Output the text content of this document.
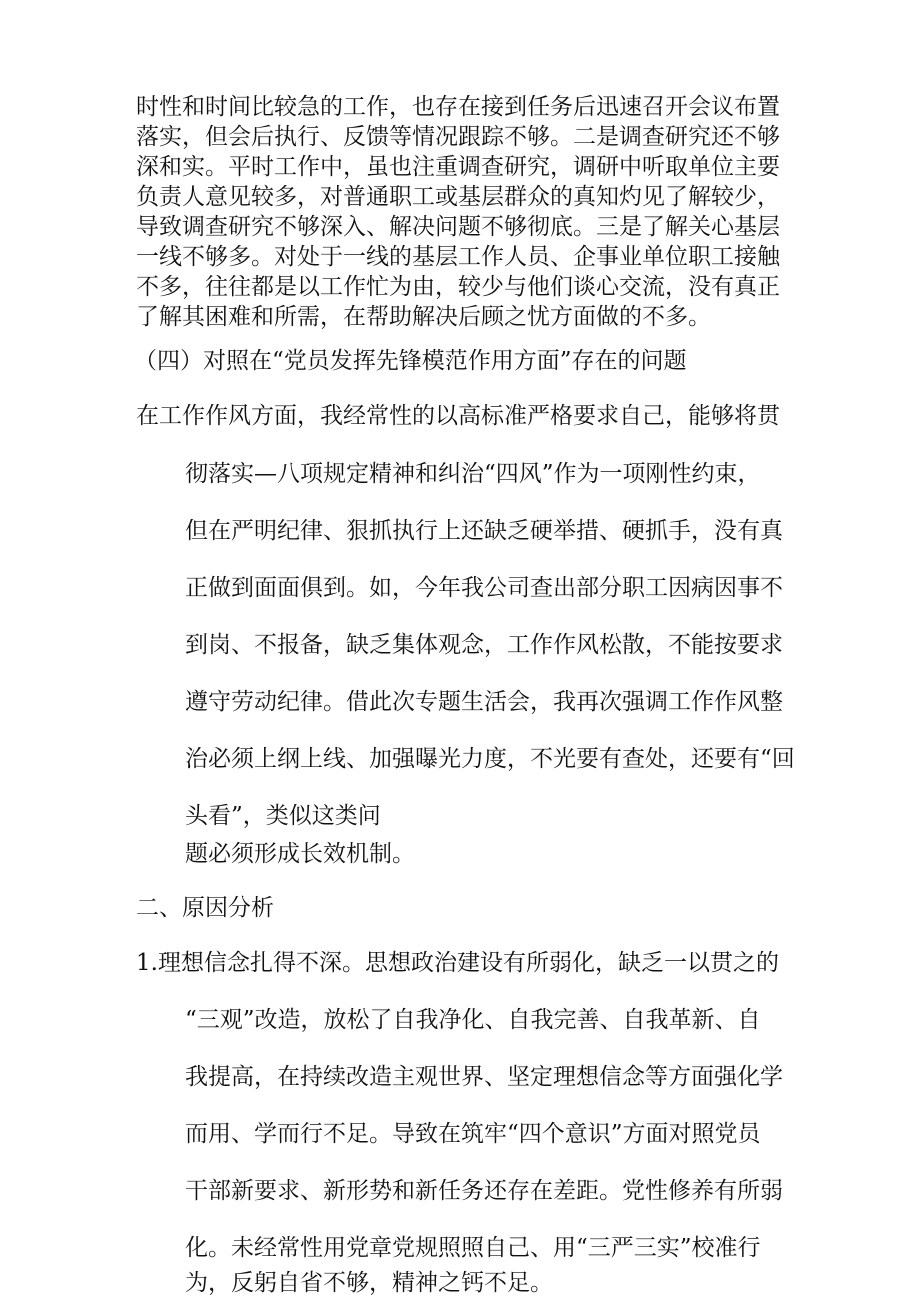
时性和时间比较急的工作，也存在接到任务后迅速召开会议布置
落实，但会后执行、反馈等情况跟踪不够。二是调查研究还不够
深和实。平时工作中，虽也注重调查研究，调研中听取单位主要
负责人意见较多，对普通职工或基层群众的真知灼见了解较少，
导致调查研究不够深入、解决问题不够彻底。三是了解关心基层
一线不够多。对处于一线的基层工作人员、企事业单位职工接触
不多，往往都是以工作忙为由，较少与他们谈心交流，没有真正
了解其困难和所需，在帮助解决后顾之忧方面做的不多。
（四）对照在“党员发挥先锋模范作用方面”存在的问题
在工作作风方面，我经常性的以高标准严格要求自己，能够将贯
彻落实—八项规定精神和纠治“四风”作为一项刚性约束，
但在严明纪律、狠抓执行上还缺乏硬举措、硬抓手，没有真
正做到面面俱到。如，今年我公司查出部分职工因病因事不
到岗、不报备，缺乏集体观念，工作作风松散，不能按要求
遵守劳动纪律。借此次专题生活会，我再次强调工作作风整
治必须上纲上线、加强曝光力度，不光要有查处，还要有“回
头看”，类似这类问
题必须形成长效机制。
二、原因分析
1.理想信念扎得不深。思想政治建设有所弱化，缺乏一以贯之的
“三观”改造，放松了自我净化、自我完善、自我革新、自
我提高，在持续改造主观世界、坚定理想信念等方面强化学
而用、学而行不足。导致在筑牢“四个意识”方面对照党员
干部新要求、新形势和新任务还存在差距。党性修养有所弱
化。未经常性用党章党规照照自己、用“三严三实”校准行
为，反躬自省不够，精神之钙不足。
